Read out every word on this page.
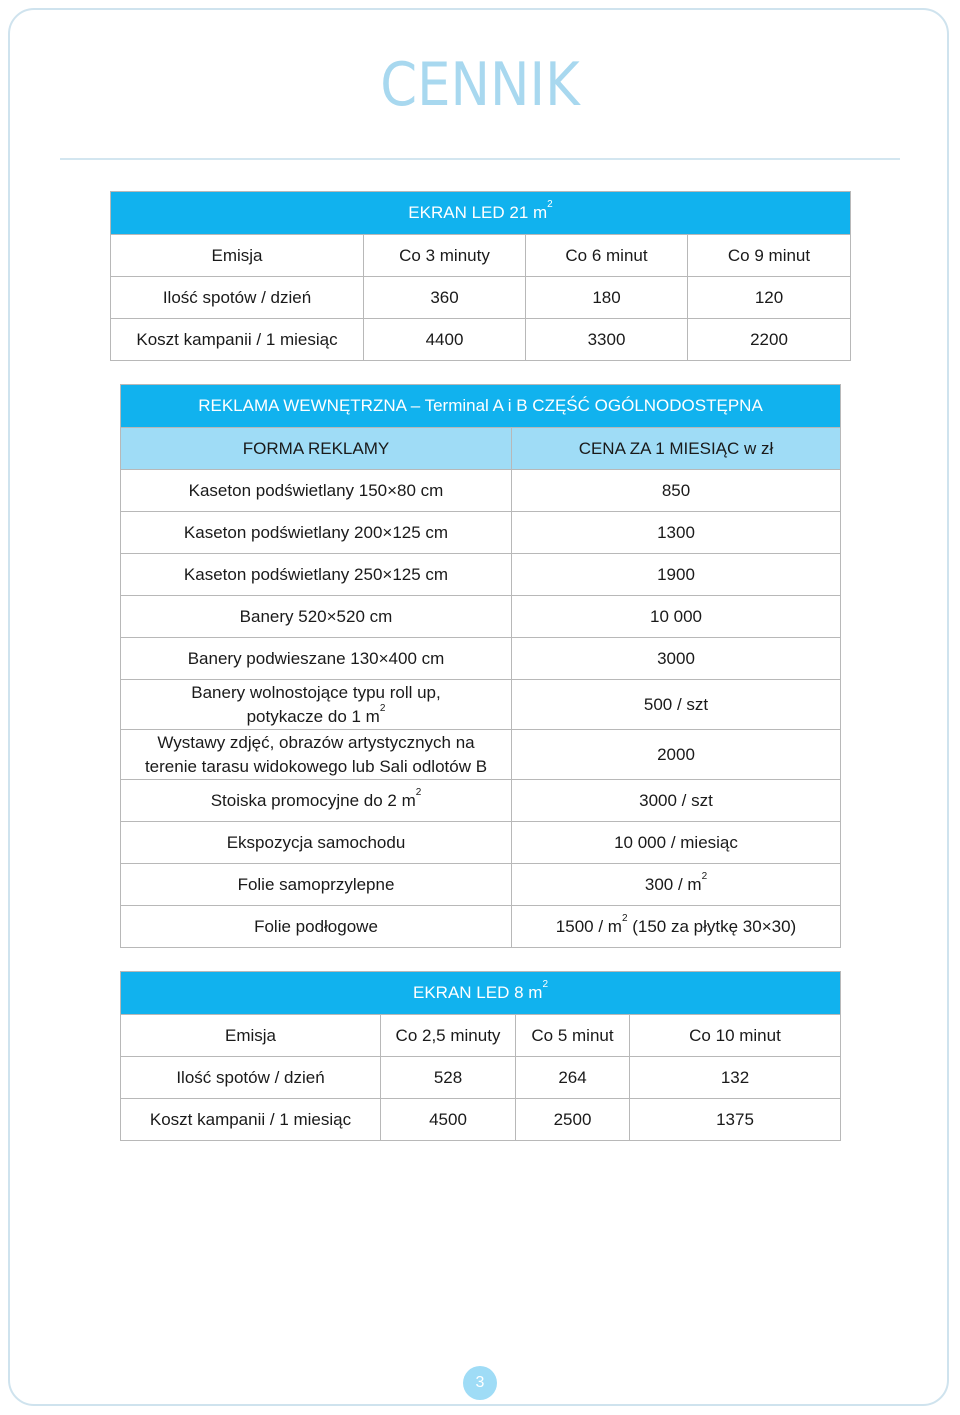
CENNIK
EKRAN LED 21 $m^2$
Emisja	Co 3 minuty	Co 6 minut	Co 9 minut
Ilość spotów / dzień	360	180	120
Koszt kampanii / 1 miesiąc	4400	3300	2200
REKLAMA WEWNĘTRZNA – Terminal A i B CZĘŚĆ OGÓLNODOSTĘPNA	
FORMA REKLAMY	CENA ZA 1 MIESIĄC w zł
Kaseton podświetlany 150×80 cm	850
Kaseton podświetlany 200×125 cm	1300
Kaseton podświetlany 250×125 cm	1900
Banery 520×520 cm	10 000
Banery podwieszane 130×400 cm	3000
Banery wolnostojące typu roll up,
potykacze do 1 $m^2$	500 / szt
Wystawy zdjęć, obrazów artystycznych na
terenie tarasu widokowego lub Sali odlotów B	2000
Stoiska promocyjne do 2 $m^2$	3000 / szt
Ekspozycja samochodu	10 000 / miesiąc
Folie samoprzylepne	$300 / m^2$
Folie podłogowe	$1500 / m^2$ (150 za płytkę 30×30)
EKRAN LED 8 $m^2$
Emisja	Co 2,5 minuty	Co 5 minut	Co 10 minut
Ilość spotów / dzień	528	264	132
Koszt kampanii / 1 miesiąc	4500	2500	1375
3
